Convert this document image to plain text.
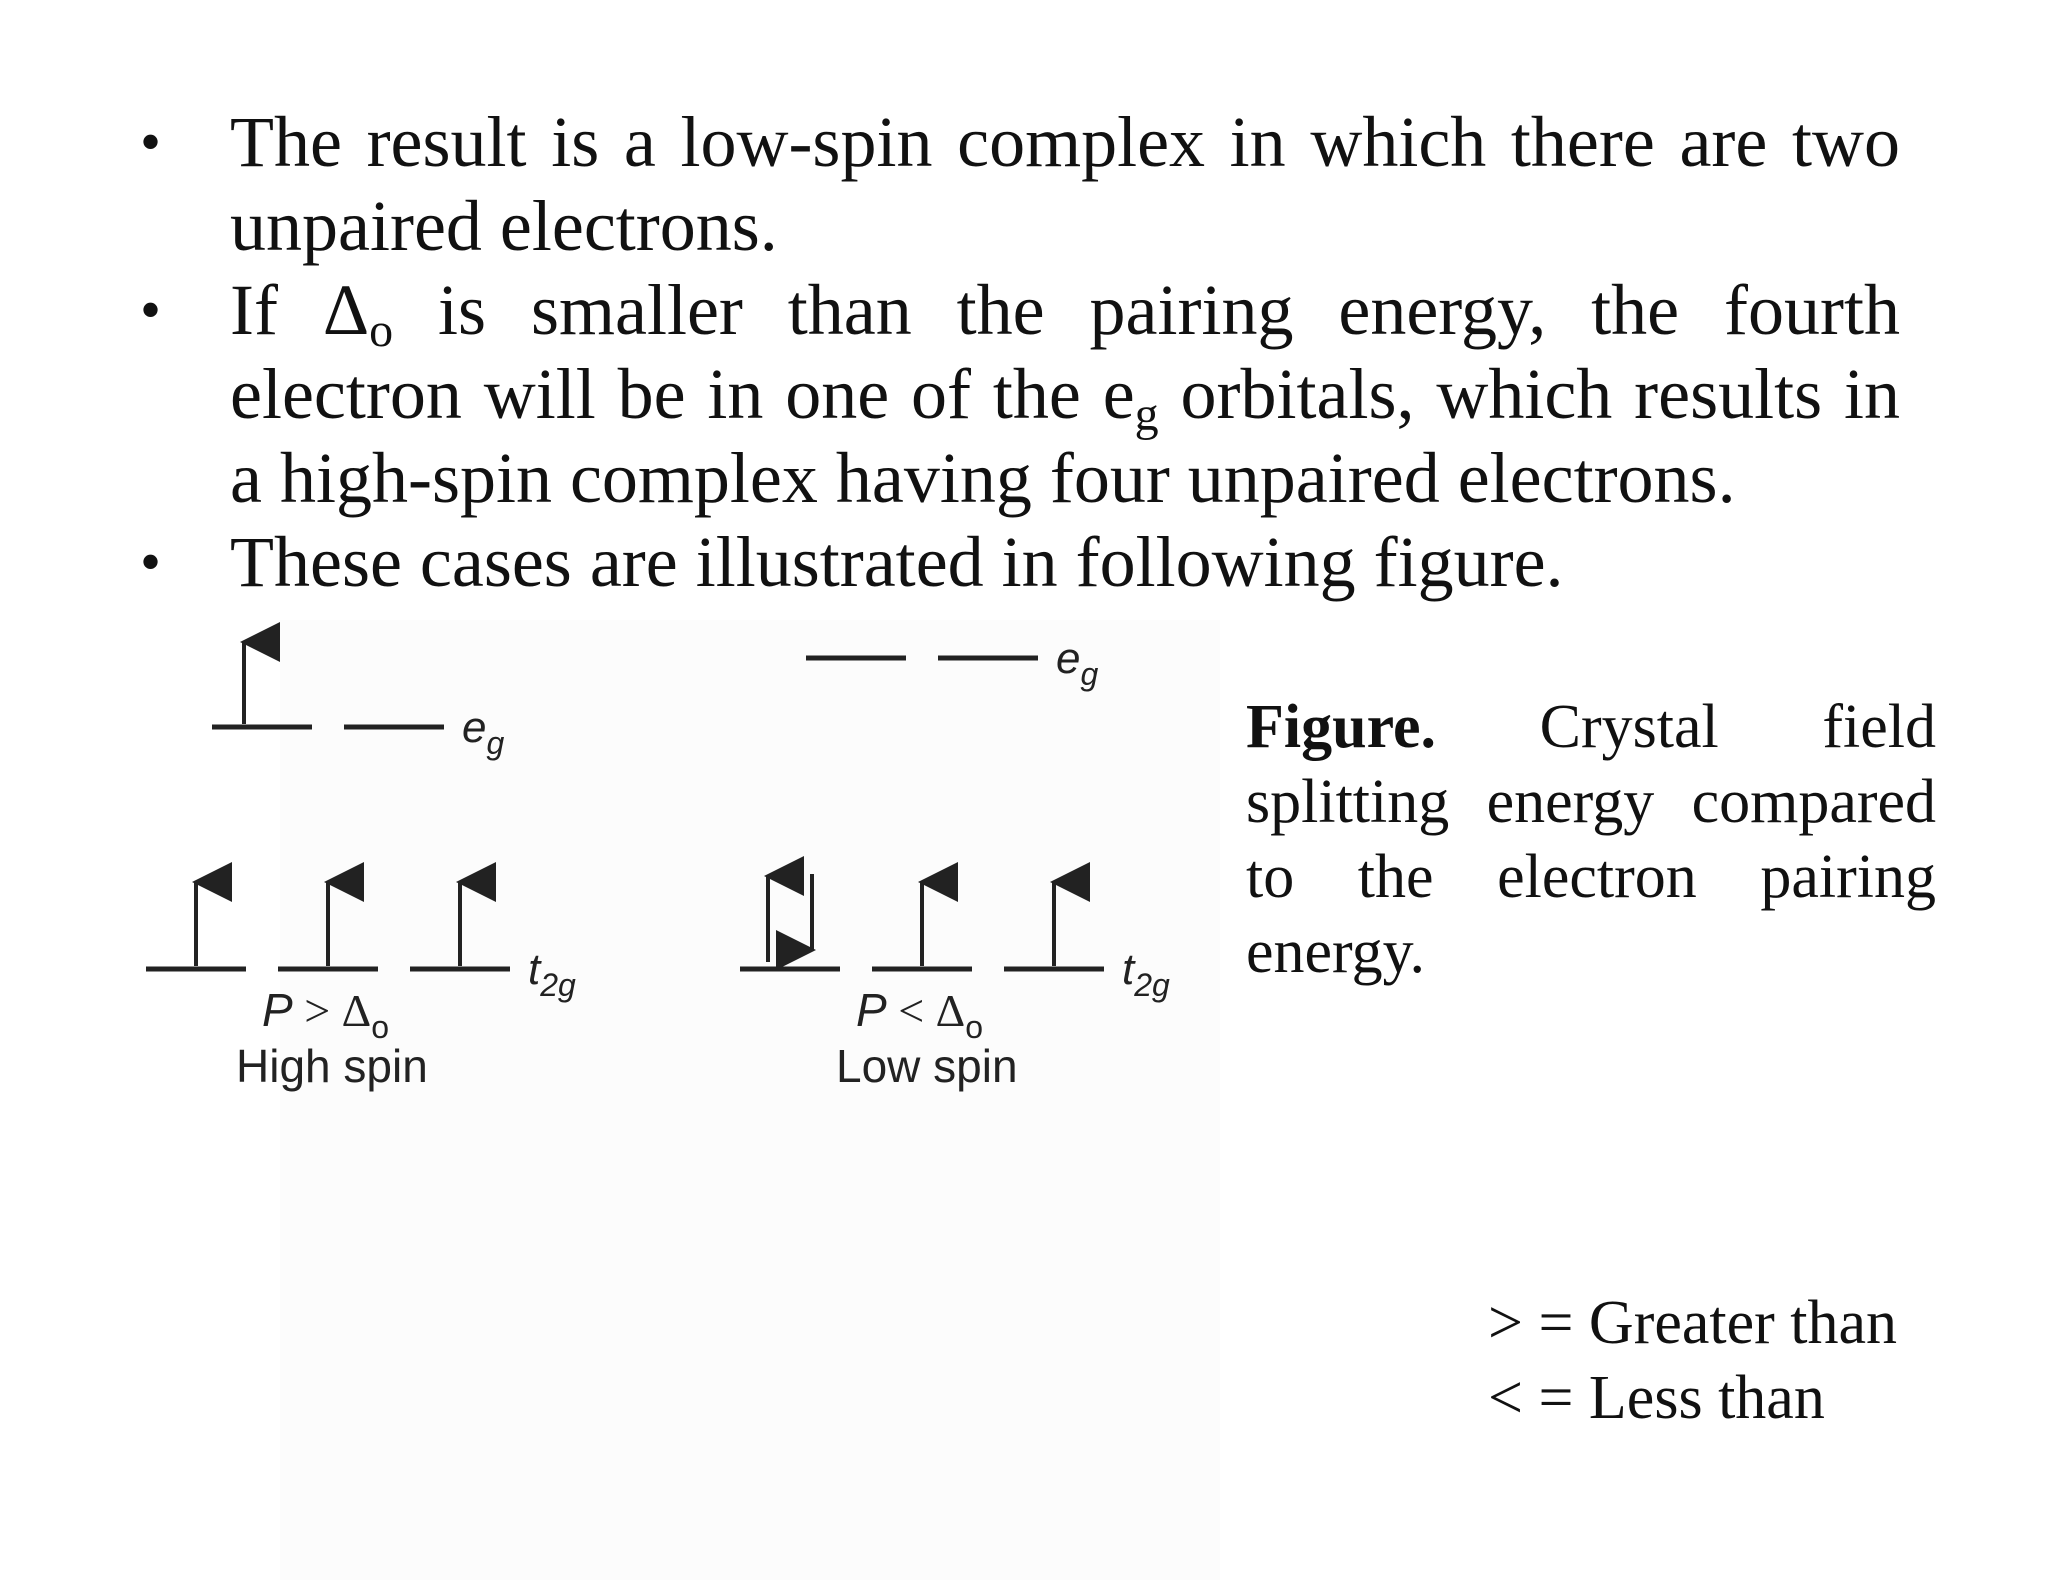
• The result is a low-spin complex in which there are two unpaired electrons.
• If $\Delta_o$ is smaller than the pairing energy, the fourth electron will be in one of the $e_g$ orbitals, which results in a high-spin complex having four unpaired electrons.
• These cases are illustrated in following figure.
$e_g$
$t_{2g}$
$P > \Delta_o$
High spin
$e_g$
$t_{2g}$
$P < \Delta_o$
Low spin
Figure. Crystal field splitting energy compared to the electron pairing energy.
> = Greater than
< = Less than
